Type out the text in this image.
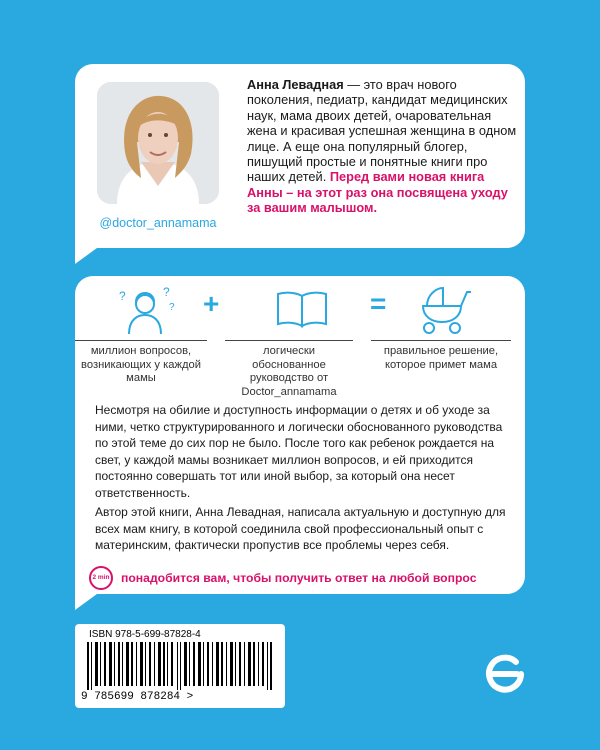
@doctor_annamama
Анна Левадная — это врач нового поколения, педиатр, кандидат медицинских наук, мама двоих детей, очаровательная жена и красивая успешная женщина в одном лице. А еще она популярный блогер, пишущий простые и понятные книги про наших детей. Перед вами новая книга Анны – на этот раз она посвящена уходу за вашим малышом.
?	?
? +	=
миллион вопросов, возникающих у каждой мамы
логически обоснованное руководство от Doctor_annamama
правильное решение, которое примет мама
Несмотря на обилие и доступность информации о детях и об уходе за ними, четко структурированного и логически обоснованного руководства по этой теме до сих пор не было. После того как ребенок рождается на свет, у каждой мамы возникает миллион вопросов, и ей приходится постоянно совершать тот или иной выбор, за который она несет ответственность.
Автор этой книги, Анна Левадная, написала актуальную и доступную для всех мам книгу, в которой соединила свой профессиональный опыт с материнским, фактически пропустив все проблемы через себя.
2 min понадобится вам, чтобы получить ответ на любой вопрос
ISBN 978-5-699-87828-4
9 785699 878284 >
